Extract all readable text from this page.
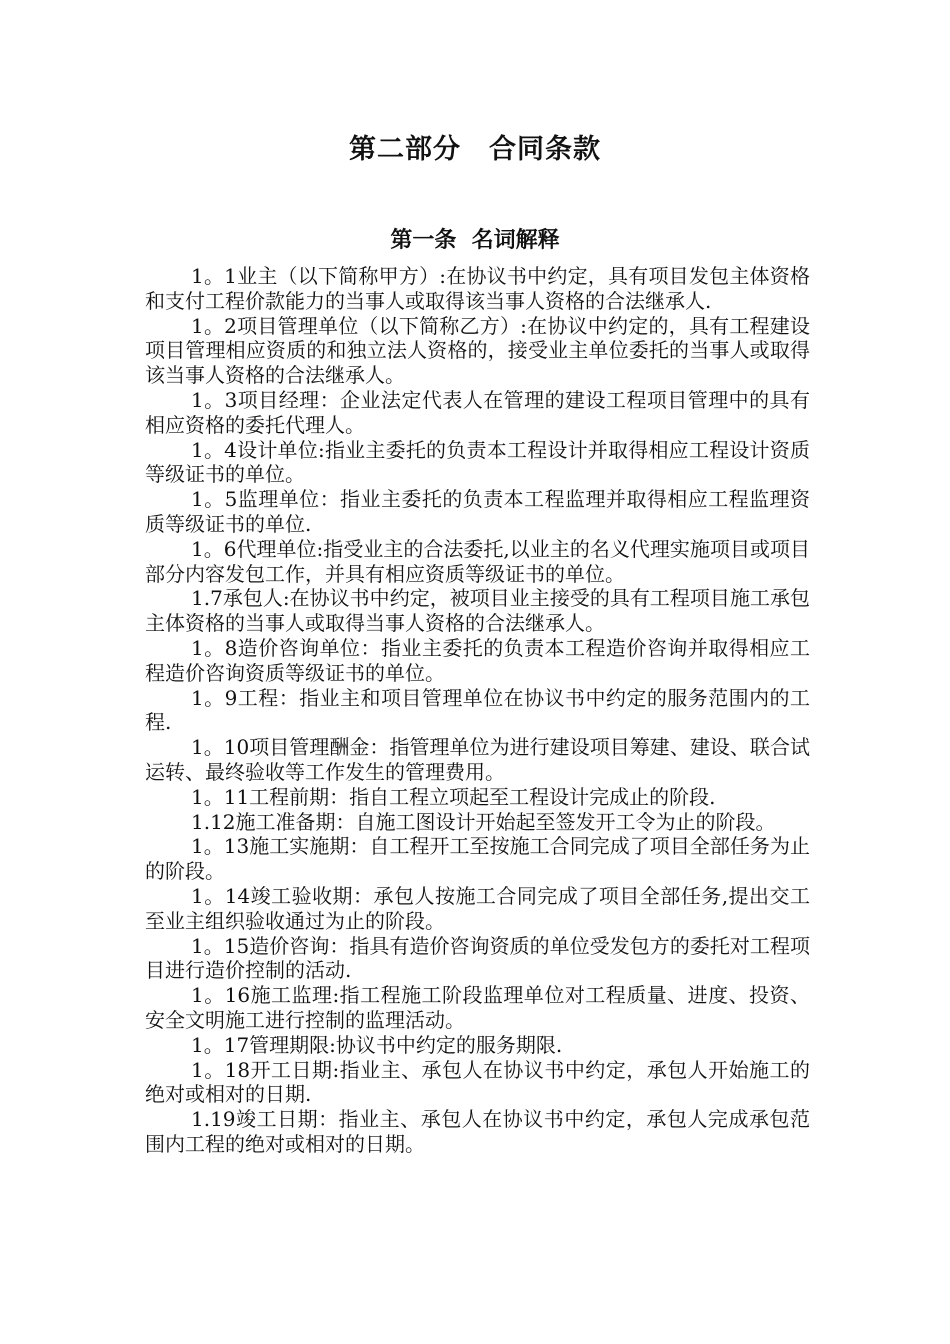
第二部分　合同条款
第一条  名词解释

1。1业主（以下简称甲方）:在协议书中约定，具有项目发包主体资格和支付工程价款能力的当事人或取得该当事人资格的合法继承人.

1。2项目管理单位（以下简称乙方）:在协议中约定的，具有工程建设项目管理相应资质的和独立法人资格的，接受业主单位委托的当事人或取得该当事人资格的合法继承人。

1。3项目经理：企业法定代表人在管理的建设工程项目管理中的具有相应资格的委托代理人。

1。4设计单位:指业主委托的负责本工程设计并取得相应工程设计资质等级证书的单位。

1。5监理单位：指业主委托的负责本工程监理并取得相应工程监理资质等级证书的单位.

1。6代理单位:指受业主的合法委托,以业主的名义代理实施项目或项目部分内容发包工作，并具有相应资质等级证书的单位。

1.7承包人:在协议书中约定，被项目业主接受的具有工程项目施工承包主体资格的当事人或取得当事人资格的合法继承人。

1。8造价咨询单位：指业主委托的负责本工程造价咨询并取得相应工程造价咨询资质等级证书的单位。

1。9工程：指业主和项目管理单位在协议书中约定的服务范围内的工程.

1。10项目管理酬金：指管理单位为进行建设项目筹建、建设、联合试运转、最终验收等工作发生的管理费用。

1。11工程前期：指自工程立项起至工程设计完成止的阶段.

1.12施工准备期：自施工图设计开始起至签发开工令为止的阶段。

1。13施工实施期：自工程开工至按施工合同完成了项目全部任务为止的阶段。

1。14竣工验收期：承包人按施工合同完成了项目全部任务,提出交工至业主组织验收通过为止的阶段。

1。15造价咨询：指具有造价咨询资质的单位受发包方的委托对工程项目进行造价控制的活动.

1。16施工监理:指工程施工阶段监理单位对工程质量、进度、投资、安全文明施工进行控制的监理活动。

1。17管理期限:协议书中约定的服务期限.

1。18开工日期:指业主、承包人在协议书中约定，承包人开始施工的绝对或相对的日期.

1.19竣工日期：指业主、承包人在协议书中约定，承包人完成承包范围内工程的绝对或相对的日期。
